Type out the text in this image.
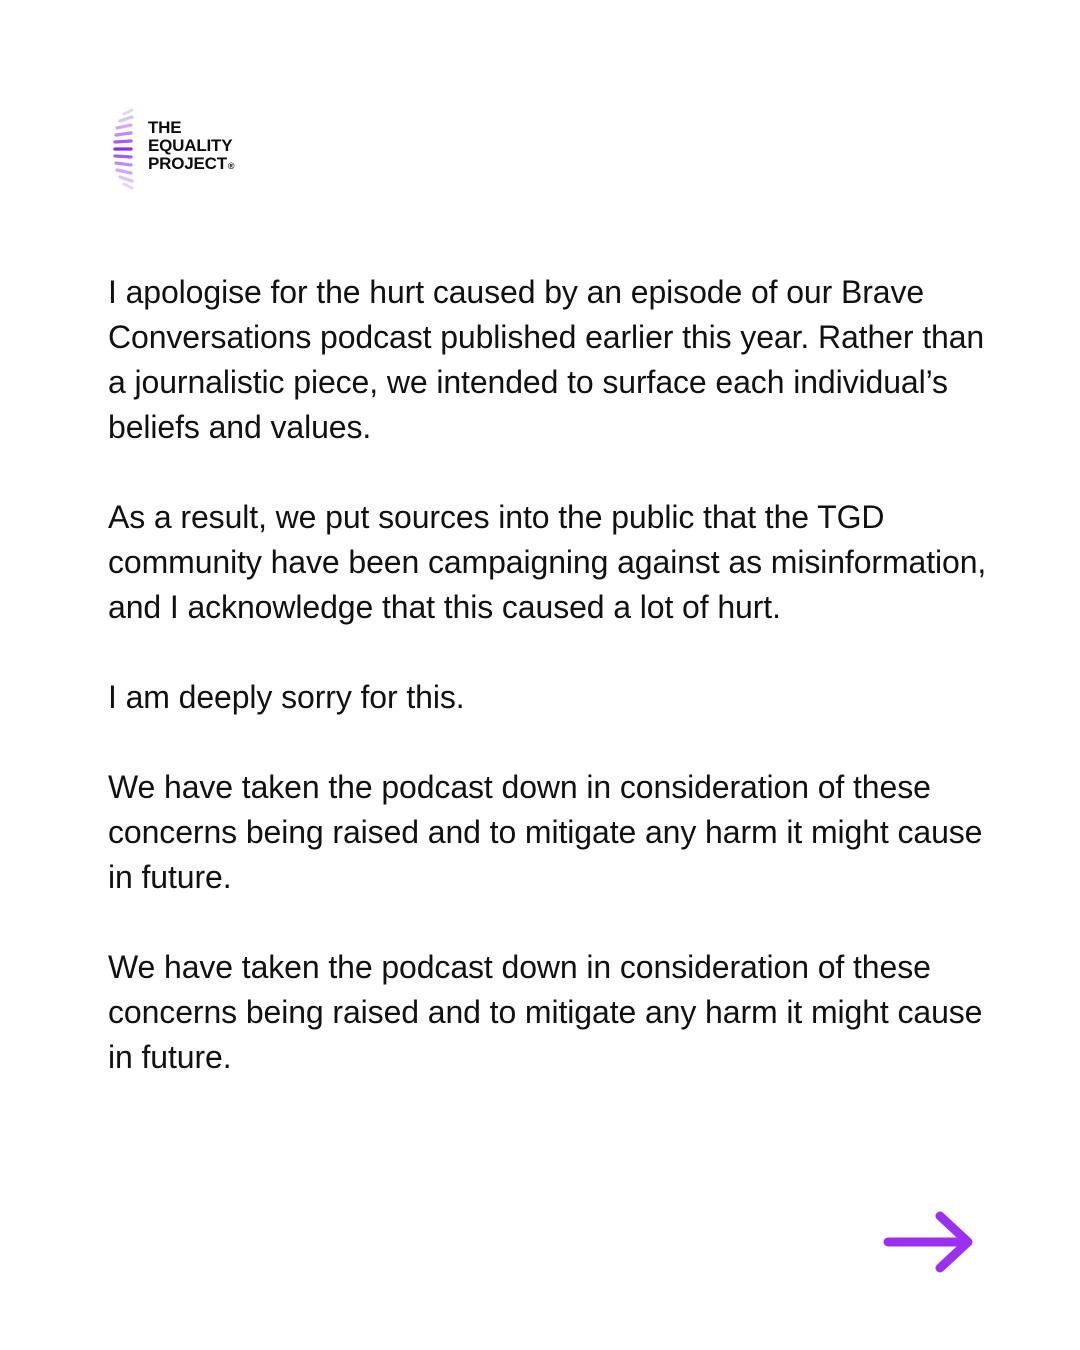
THE
EQUALITY
PROJECT®

I apologise for the hurt caused by an episode of our Brave Conversations podcast published earlier this year. Rather than a journalistic piece, we intended to surface each individual’s beliefs and values.

As a result, we put sources into the public that the TGD community have been campaigning against as misinformation, and I acknowledge that this caused a lot of hurt.

I am deeply sorry for this.

We have taken the podcast down in consideration of these concerns being raised and to mitigate any harm it might cause in future.

We have taken the podcast down in consideration of these concerns being raised and to mitigate any harm it might cause in future.
